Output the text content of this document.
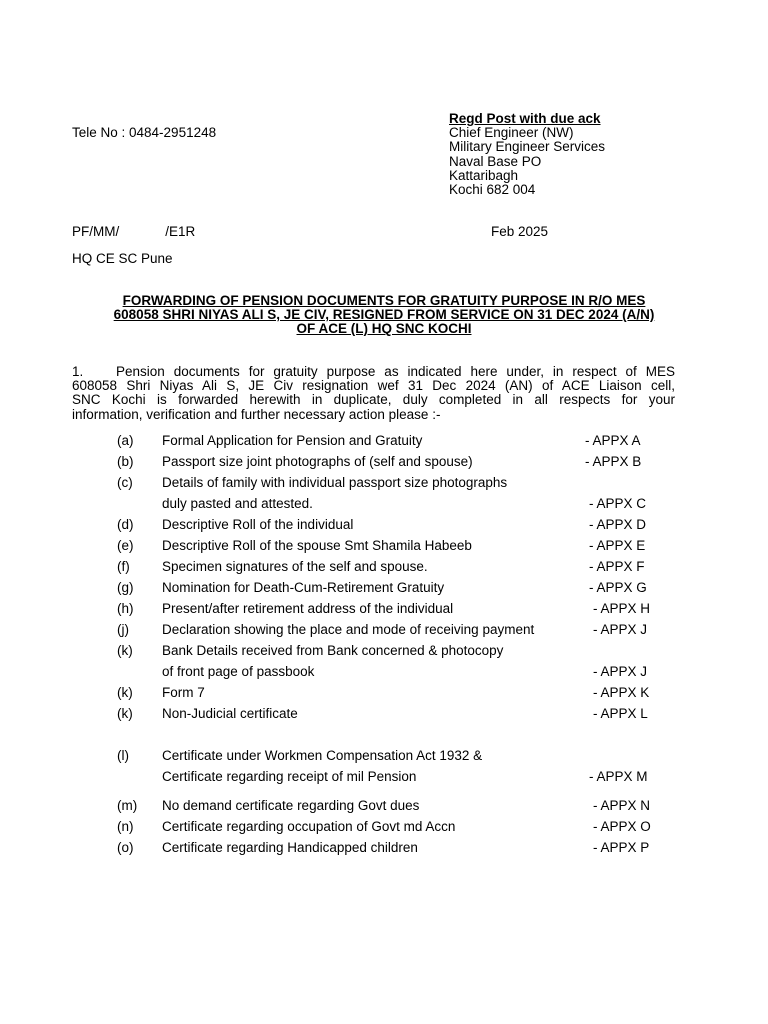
Regd Post with due ack
Chief Engineer (NW)
Military Engineer Services
Naval Base PO
Kattaribagh
Kochi 682 004
Tele No : 0484-2951248
PF/MM/	/E1R	Feb 2025
HQ CE SC Pune
FORWARDING OF PENSION DOCUMENTS FOR GRATUITY PURPOSE IN R/O MES
608058 SHRI NIYAS ALI S, JE CIV, RESIGNED FROM SERVICE ON 31 DEC 2024 (A/N)
OF ACE (L) HQ SNC KOCHI
1. Pension documents for gratuity purpose as indicated here under, in respect of MES
608058 Shri Niyas Ali S, JE Civ resignation wef 31 Dec 2024 (AN) of ACE Liaison cell,
SNC Kochi is forwarded herewith in duplicate, duly completed in all respects for your
information, verification and further necessary action please :-
(a) Formal Application for Pension and Gratuity	- APPX A
(b) Passport size joint photographs of (self and spouse)	- APPX B
(c) Details of family with individual passport size photographs
duly pasted and attested.	- APPX C
(d) Descriptive Roll of the individual	- APPX D
(e) Descriptive Roll of the spouse Smt Shamila Habeeb	- APPX E
(f) Specimen signatures of the self and spouse.	- APPX F
(g) Nomination for Death-Cum-Retirement Gratuity	- APPX G
(h) Present/after retirement address of the individual	- APPX H
(j) Declaration showing the place and mode of receiving payment	- APPX J
(k) Bank Details received from Bank concerned & photocopy
of front page of passbook	- APPX J
(k) Form 7	- APPX K
(k) Non-Judicial certificate	- APPX L
(l) Certificate under Workmen Compensation Act 1932 &
Certificate regarding receipt of mil Pension	- APPX M
(m) No demand certificate regarding Govt dues	- APPX N
(n) Certificate regarding occupation of Govt md Accn	- APPX O
(o) Certificate regarding Handicapped children	- APPX P
